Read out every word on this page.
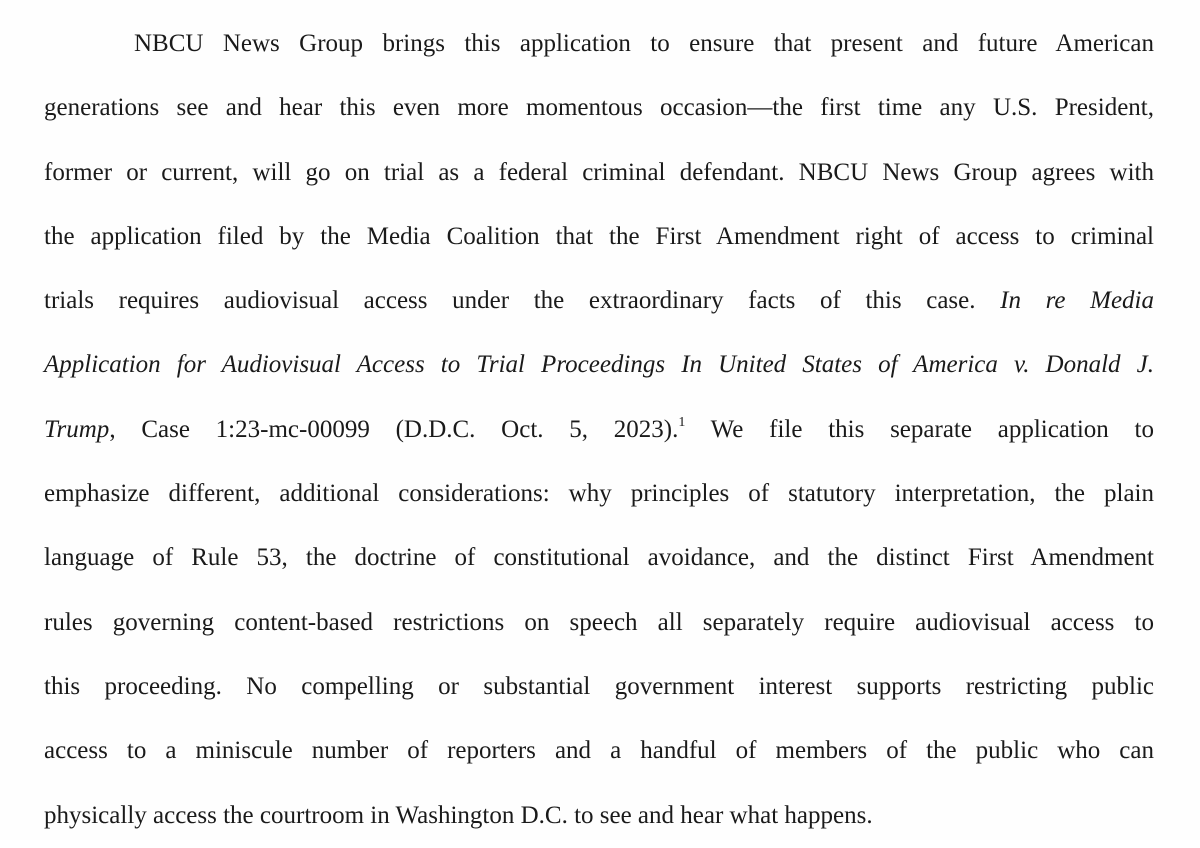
NBCU News Group brings this application to ensure that present and future American
generations see and hear this even more momentous occasion—the first time any U.S. President,
former or current, will go on trial as a federal criminal defendant. NBCU News Group agrees with
the application filed by the Media Coalition that the First Amendment right of access to criminal
trials requires audiovisual access under the extraordinary facts of this case. In re Media
Application for Audiovisual Access to Trial Proceedings In United States of America v. Donald J.
Trump, Case 1:23-mc-00099 (D.D.C. Oct. 5, 2023).$^1$ We file this separate application to
emphasize different, additional considerations: why principles of statutory interpretation, the plain
language of Rule 53, the doctrine of constitutional avoidance, and the distinct First Amendment
rules governing content-based restrictions on speech all separately require audiovisual access to
this proceeding. No compelling or substantial government interest supports restricting public
access to a miniscule number of reporters and a handful of members of the public who can
physically access the courtroom in Washington D.C. to see and hear what happens.
